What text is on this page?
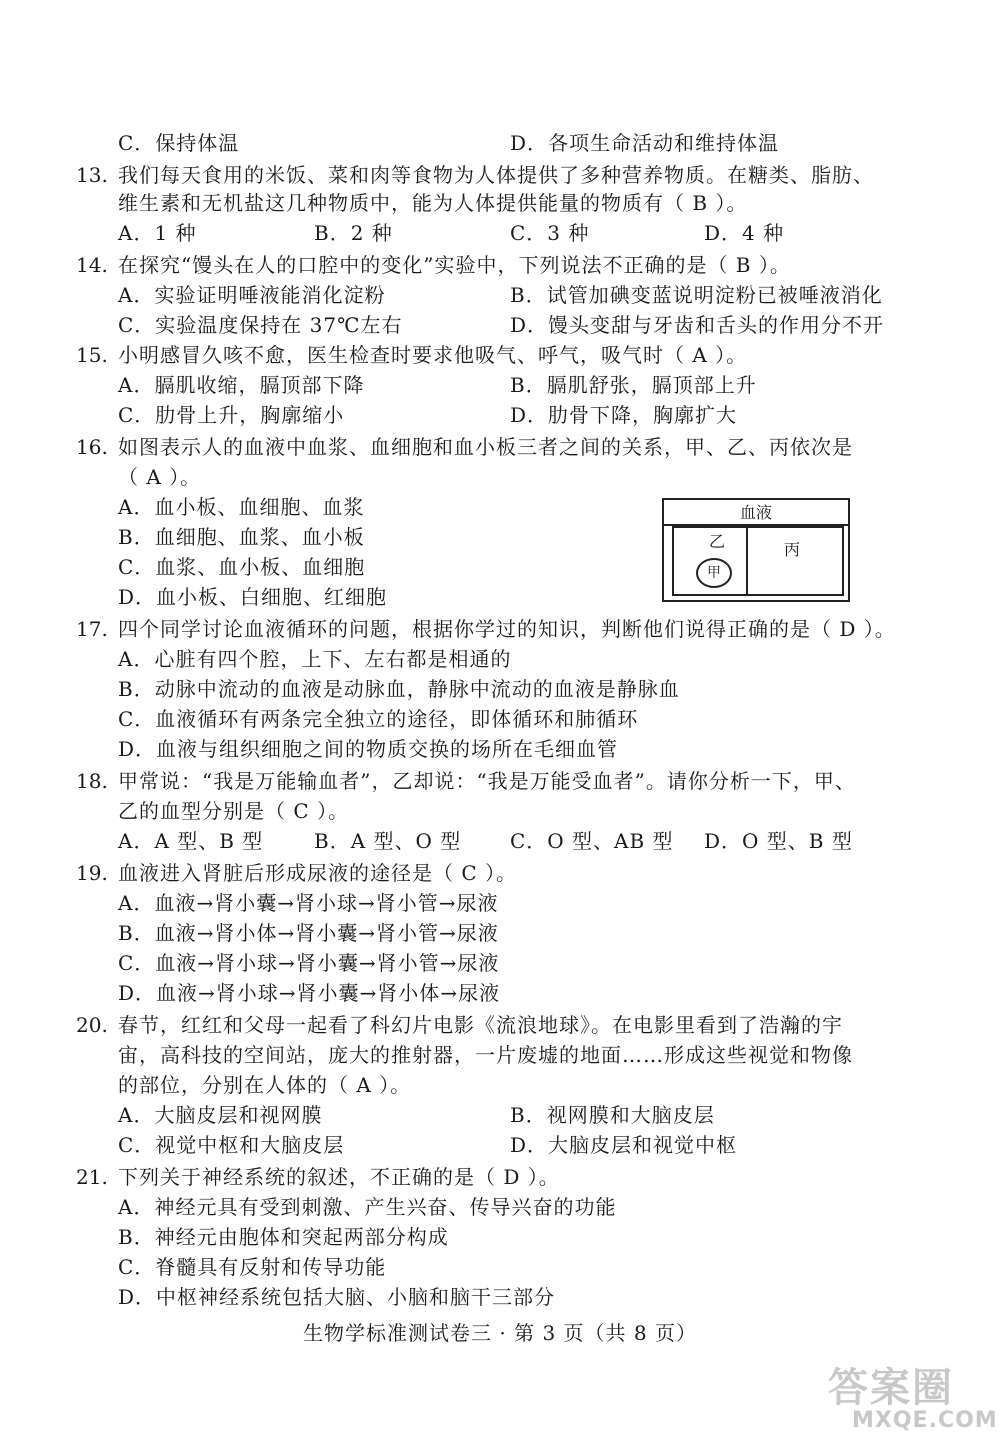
C．保持体温	D．各项生命活动和维持体温
13. 我们每天食用的米饭、菜和肉等食物为人体提供了多种营养物质。在糖类、脂肪、
维生素和无机盐这几种物质中，能为人体提供能量的物质有（ B ）。
A．1 种	B．2 种	C．3 种	D．4 种
14. 在探究“馒头在人的口腔中的变化”实验中，下列说法不正确的是（ B ）。
A．实验证明唾液能消化淀粉	B．试管加碘变蓝说明淀粉已被唾液消化
C．实验温度保持在 37℃左右	D．馒头变甜与牙齿和舌头的作用分不开
15. 小明感冒久咳不愈，医生检查时要求他吸气、呼气，吸气时（ A ）。
A．膈肌收缩，膈顶部下降	B．膈肌舒张，膈顶部上升
C．肋骨上升，胸廓缩小	D．肋骨下降，胸廓扩大
16. 如图表示人的血液中血浆、血细胞和血小板三者之间的关系，甲、乙、丙依次是
（ A ）。
A．血小板、血细胞、血浆
B．血细胞、血浆、血小板
C．血浆、血小板、血细胞
D．血小板、白细胞、红细胞
血液
乙
甲
丙
17. 四个同学讨论血液循环的问题，根据你学过的知识，判断他们说得正确的是（ D ）。
A．心脏有四个腔，上下、左右都是相通的
B．动脉中流动的血液是动脉血，静脉中流动的血液是静脉血
C．血液循环有两条完全独立的途径，即体循环和肺循环
D．血液与组织细胞之间的物质交换的场所在毛细血管
18. 甲常说：“我是万能输血者”，乙却说：“我是万能受血者”。请你分析一下，甲、
乙的血型分别是（ C ）。
A．A 型、B 型	B．A 型、O 型 C．O 型、AB 型 D．O 型、B 型
19. 血液进入肾脏后形成尿液的途径是（ C ）。
A．血液→肾小囊→肾小球→肾小管→尿液
B．血液→肾小体→肾小囊→肾小管→尿液
C．血液→肾小球→肾小囊→肾小管→尿液
D．血液→肾小球→肾小囊→肾小体→尿液
20. 春节，红红和父母一起看了科幻片电影《流浪地球》。在电影里看到了浩瀚的宇
宙，高科技的空间站，庞大的推射器，一片废墟的地面……形成这些视觉和物像
的部位，分别在人体的（ A ）。
A．大脑皮层和视网膜	B．视网膜和大脑皮层
C．视觉中枢和大脑皮层	D．大脑皮层和视觉中枢
21. 下列关于神经系统的叙述，不正确的是（ D ）。
A．神经元具有受到刺激、产生兴奋、传导兴奋的功能
B．神经元由胞体和突起两部分构成
C．脊髓具有反射和传导功能
D．中枢神经系统包括大脑、小脑和脑干三部分
生物学标准测试卷三 · 第 3 页（共 8 页）
答案圈
MXQE.COM
